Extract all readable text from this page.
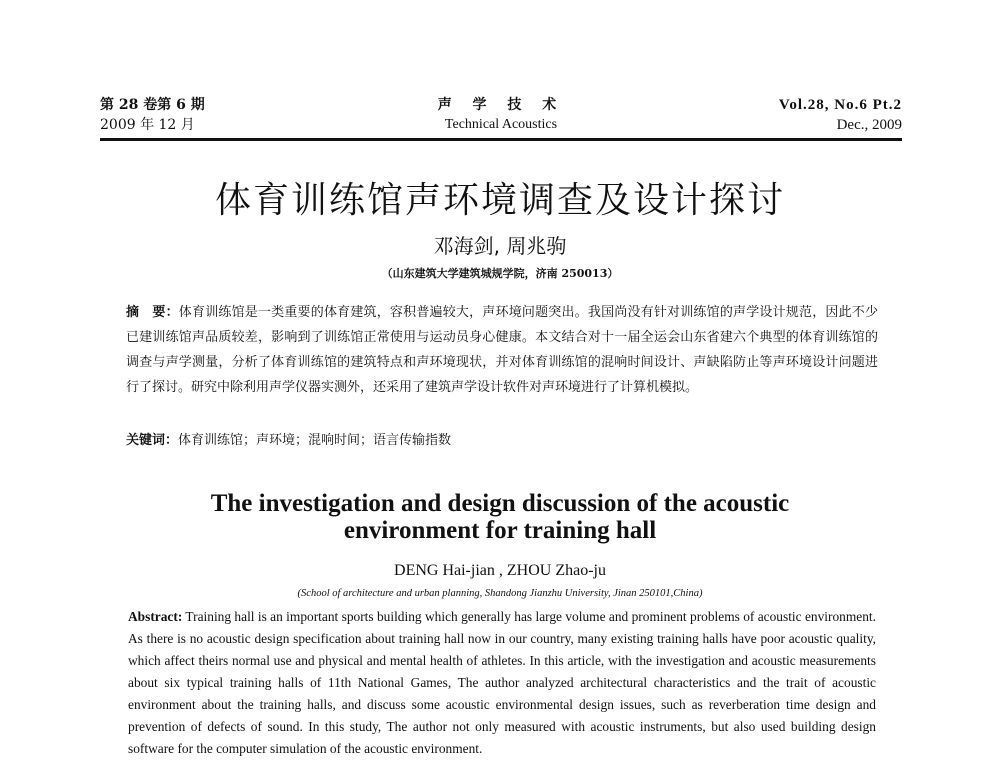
第 28 卷第 6 期
2009 年 12 月
声 学 技 术
Technical Acoustics
Vol.28, No.6 Pt.2
Dec., 2009
体育训练馆声环境调查及设计探讨
邓海剑, 周兆驹
（山东建筑大学建筑城规学院，济南 250013）
摘　要：体育训练馆是一类重要的体育建筑，容积普遍较大，声环境问题突出。我国尚没有针对训练馆的声学设计规范，因此不少已建训练馆声品质较差，影响到了训练馆正常使用与运动员身心健康。本文结合对十一届全运会山东省建六个典型的体育训练馆的调查与声学测量，分析了体育训练馆的建筑特点和声环境现状，并对体育训练馆的混响时间设计、声缺陷防止等声环境设计问题进行了探讨。研究中除利用声学仪器实测外，还采用了建筑声学设计软件对声环境进行了计算机模拟。
关键词：体育训练馆；声环境；混响时间；语言传输指数
The investigation and design discussion of the acoustic
environment for training hall
DENG Hai-jian , ZHOU Zhao-ju
(School of architecture and urban planning, Shandong Jianzhu University, Jinan 250101,China)
Abstract: Training hall is an important sports building which generally has large volume and prominent problems of acoustic environment. As there is no acoustic design specification about training hall now in our country, many existing training halls have poor acoustic quality, which affect theirs normal use and physical and mental health of athletes. In this article, with the investigation and acoustic measurements about six typical training halls of 11th National Games, The author analyzed architectural characteristics and the trait of acoustic environment about the training halls, and discuss some acoustic environmental design issues, such as reverberation time design and prevention of defects of sound. In this study, The author not only measured with acoustic instruments, but also used building design software for the computer simulation of the acoustic environment.
